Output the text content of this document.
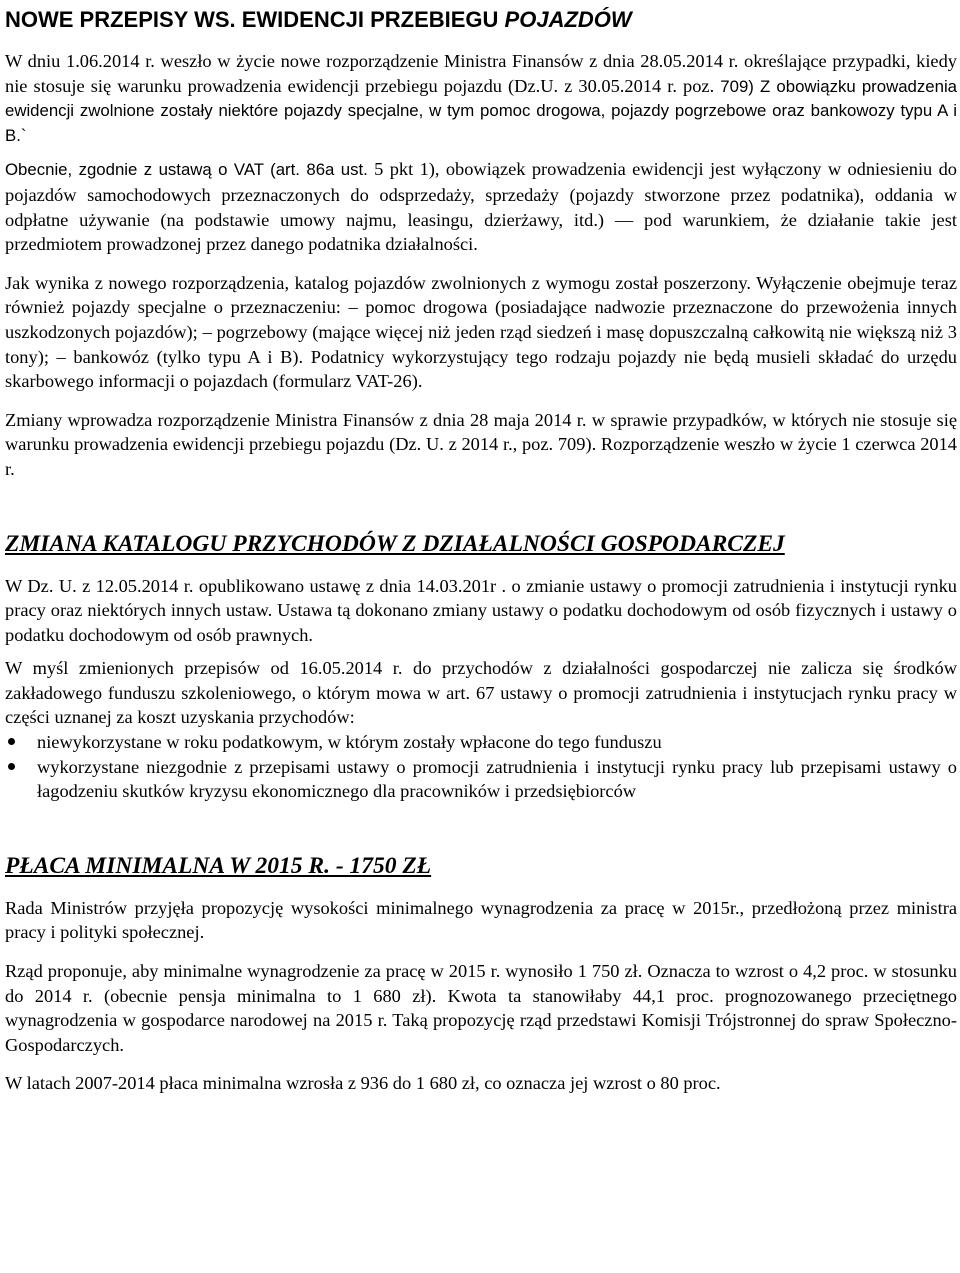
NOWE PRZEPISY WS. EWIDENCJI PRZEBIEGU POJAZDÓW

W dniu 1.06.2014 r. weszło w życie nowe rozporządzenie Ministra Finansów z dnia 28.05.2014 r. określające przypadki, kiedy nie stosuje się warunku prowadzenia ewidencji przebiegu pojazdu (Dz.U. z 30.05.2014 r. poz. 709) Z obowiązku prowadzenia ewidencji zwolnione zostały niektóre pojazdy specjalne, w tym pomoc drogowa, pojazdy pogrzebowe oraz bankowozy typu A i B.`

Obecnie, zgodnie z ustawą o VAT (art. 86a ust. 5 pkt 1), obowiązek prowadzenia ewidencji jest wyłączony w odniesieniu do pojazdów samochodowych przeznaczonych do odsprzedaży, sprzedaży (pojazdy stworzone przez podatnika), oddania w odpłatne używanie (na podstawie umowy najmu, leasingu, dzierżawy, itd.) — pod warunkiem, że działanie takie jest przedmiotem prowadzonej przez danego podatnika działalności.

Jak wynika z nowego rozporządzenia, katalog pojazdów zwolnionych z wymogu został poszerzony. Wyłączenie obejmuje teraz również pojazdy specjalne o przeznaczeniu: – pomoc drogowa (posiadające nadwozie przeznaczone do przewożenia innych uszkodzonych pojazdów); – pogrzebowy (mające więcej niż jeden rząd siedzeń i masę dopuszczalną całkowitą nie większą niż 3 tony); – bankowóz (tylko typu A i B). Podatnicy wykorzystujący tego rodzaju pojazdy nie będą musieli składać do urzędu skarbowego informacji o pojazdach (formularz VAT-26).

Zmiany wprowadza rozporządzenie Ministra Finansów z dnia 28 maja 2014 r. w sprawie przypadków, w których nie stosuje się warunku prowadzenia ewidencji przebiegu pojazdu (Dz. U. z 2014 r., poz. 709). Rozporządzenie weszło w życie 1 czerwca 2014 r.

ZMIANA KATALOGU PRZYCHODÓW Z DZIAŁALNOŚCI GOSPODARCZEJ

W Dz. U. z 12.05.2014 r. opublikowano ustawę z dnia 14.03.201r . o zmianie ustawy o promocji zatrudnienia i instytucji rynku pracy oraz niektórych innych ustaw. Ustawa tą dokonano zmiany ustawy o podatku dochodowym od osób fizycznych i ustawy o podatku dochodowym od osób prawnych.

W myśl zmienionych przepisów od 16.05.2014 r. do przychodów z działalności gospodarczej nie zalicza się środków zakładowego funduszu szkoleniowego, o którym mowa w art. 67 ustawy o promocji zatrudnienia i instytucjach rynku pracy w części uznanej za koszt uzyskania przychodów:

niewykorzystane w roku podatkowym, w którym zostały wpłacone do tego funduszu
wykorzystane niezgodnie z przepisami ustawy o promocji zatrudnienia i instytucji rynku pracy lub przepisami ustawy o łagodzeniu skutków kryzysu ekonomicznego dla pracowników i przedsiębiorców
PŁACA MINIMALNA W 2015 R. - 1750 ZŁ

Rada Ministrów przyjęła propozycję wysokości minimalnego wynagrodzenia za pracę w 2015r., przedłożoną przez ministra pracy i polityki społecznej.

Rząd proponuje, aby minimalne wynagrodzenie za pracę w 2015 r. wynosiło 1 750 zł. Oznacza to wzrost o 4,2 proc. w stosunku do 2014 r. (obecnie pensja minimalna to 1 680 zł). Kwota ta stanowiłaby 44,1 proc. prognozowanego przeciętnego wynagrodzenia w gospodarce narodowej na 2015 r. Taką propozycję rząd przedstawi Komisji Trójstronnej do spraw Społeczno-Gospodarczych.

W latach 2007-2014 płaca minimalna wzrosła z 936 do 1 680 zł, co oznacza jej wzrost o 80 proc.
